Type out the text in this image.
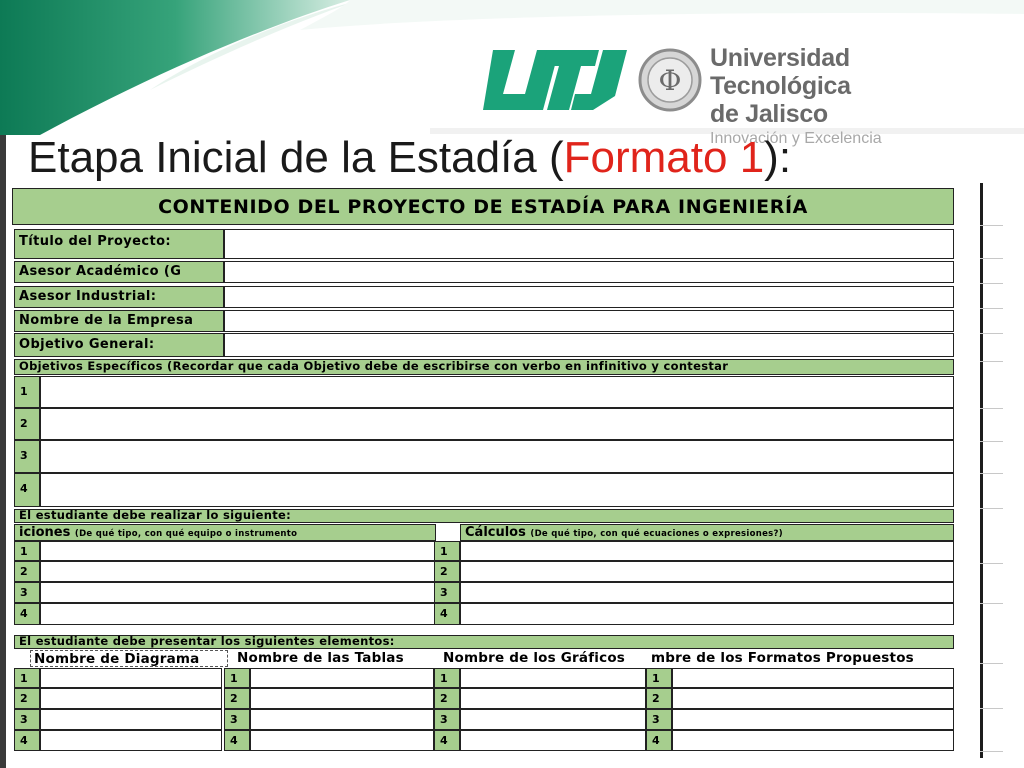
Φ
Universidad Tecnológica
de Jalisco
Innovación y Excelencia
Etapa Inicial de la Estadía (Formato 1):
CONTENIDO DEL PROYECTO DE ESTADÍA PARA INGENIERÍA
Título del Proyecto:
Asesor Académico (G
Asesor Industrial:
Nombre de la Empresa
Objetivo General:
Objetivos Específicos (Recordar que cada Objetivo debe de escribirse con verbo en infinitivo y contestar
1
2
3
4
El estudiante debe realizar lo siguiente:
iciones (De qué tipo, con qué equipo o instrumento	Cálculos (De qué tipo, con qué ecuaciones o expresiones?)
1	1
2	2
3	3
4	4
El estudiante debe presentar los siguientes elementos:
Nombre de Diagrama	Nombre de las Tablas	Nombre de los Gráficos	mbre de los Formatos Propuestos
1	1	1	1
2	2	2	2
3	3	3	3
4	4	4	4
